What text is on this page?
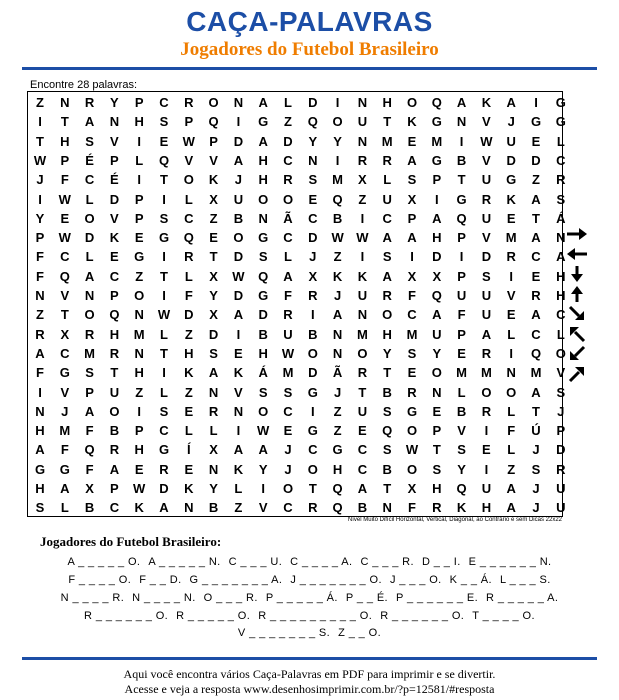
CAÇA-PALAVRAS
Jogadores do Futebol Brasileiro
Encontre 28 palavras:
Z	N	R	Y	P	C	R	O	N	A	L	D	I	N	H	O	Q	A	K	A	I	G
I	T	A	N	H	S	P	Q	I	G	Z	Q	O	U	T	K	G	N	V	J	G	G
T	H	S	V	I	E	W	P	D	A	D	Y	Y	N	M	E	M	I	W	U	E	L
W	P	É	P	L	Q	V	V	A	H	C	N	I	R	R	A	G	B	V	D	D	C
J	F	C	É	I	T	O	K	J	H	R	S	M	X	L	S	P	T	U	G	Z	R
I	W	L	D	P	I	L	X	U	O	O	E	Q	Z	U	X	I	G	R	K	A	S
Y	E	O	V	P	S	C	Z	B	N	Ã	C	B	I	C	P	A	Q	U	E	T	Á
P	W	D	K	E	G	Q	E	O	G	C	D	W W	A	A	H	P	V	M	A	N
F	C	L	E	G	I	R	T	D	S	L	J	Z	I	S	I	D	I	D	R	C	A
F	Q	A	C	Z	T	L	X	W	Q	A	X	K	K	A	X	X	P	S	I	E	H
N	V	N	P	O	I	F	Y	D	G	F	R	J	U	R	F	Q	U	U	V	R	H
Z	T	O	Q	N	W	D	X	A	D	R	I	A	N	O	C	A	F	U	E	A	C
R	X	R	H	M	L	Z	D	I	B	U	B	N	M	H	M	U	P	A	L	C	L
A	C	M	R	N	T	H	S	E	H	W	O	N	O	Y	S	Y	E	R	I	Q	O
F	G	S	T	H	I	K	A	K	Á	M	D	Ã	R	T	E	O	M	M	N	M	V
I	V	P	U	Z	L	Z	N	V	S	S	G	J	T	B	R	N	L	O	O	A	S
N	J	A	O	I	S	E	R	N	O	C	I	Z	U	S	G	E	B	R	L	T	J
H	M	F	B	P	C	L	L	I	W	E	G	Z	E	Q	O	P	V	I	F	Ú	P
A	F	Q	R	H	G	Í	X	A	A	J	C	G	C	S	W	T	S	E	L	J	D
G	G	F	A	E	R	E	N	K	Y	J	O	H	C	B	O	S	Y	I	Z	S	R
H	A	X	P	W	D	K	Y	L	I	O	T	Q	A	T	X	H	Q	U	A	J	U
S	L	B	C	K	A	N	B	Z	V	C	R	Q	B	N	F	R	K	H	A	J	U
Nível Muito Difícil Horizontal, Vertical, Diagonal, ao Contrário e sem Dicas 22x22
Jogadores do Futebol Brasileiro:
A _ _ _ _ _ O. A _ _ _ _ _ N. C _ _ _ U. C _ _ _ _ A. C _ _ _ R. D _ _ I. E _ _ _ _ _ _ N.
F _ _ _ _ O. F _ _ D. G _ _ _ _ _ _ _ A. J _ _ _ _ _ _ _ O. J _ _ _ O. K _ _ Á. L _ _ _ S.
N _ _ _ _ R. N _ _ _ _ N. O _ _ _ R. P _ _ _ _ _ Á. P _ _ É. P _ _ _ _ _ _ E. R _ _ _ _ _ A.
R _ _ _ _ _ _ O. R _ _ _ _ _ O. R _ _ _ _ _ _ _ _ _ O. R _ _ _ _ _ _ O. T _ _ _ _ O.
V _ _ _ _ _ _ _ S. Z _ _ O.
Aqui você encontra vários Caça-Palavras em PDF para imprimir e se divertir.
Acesse e veja a resposta www.desenhosimprimir.com.br/?p=12581/#resposta
